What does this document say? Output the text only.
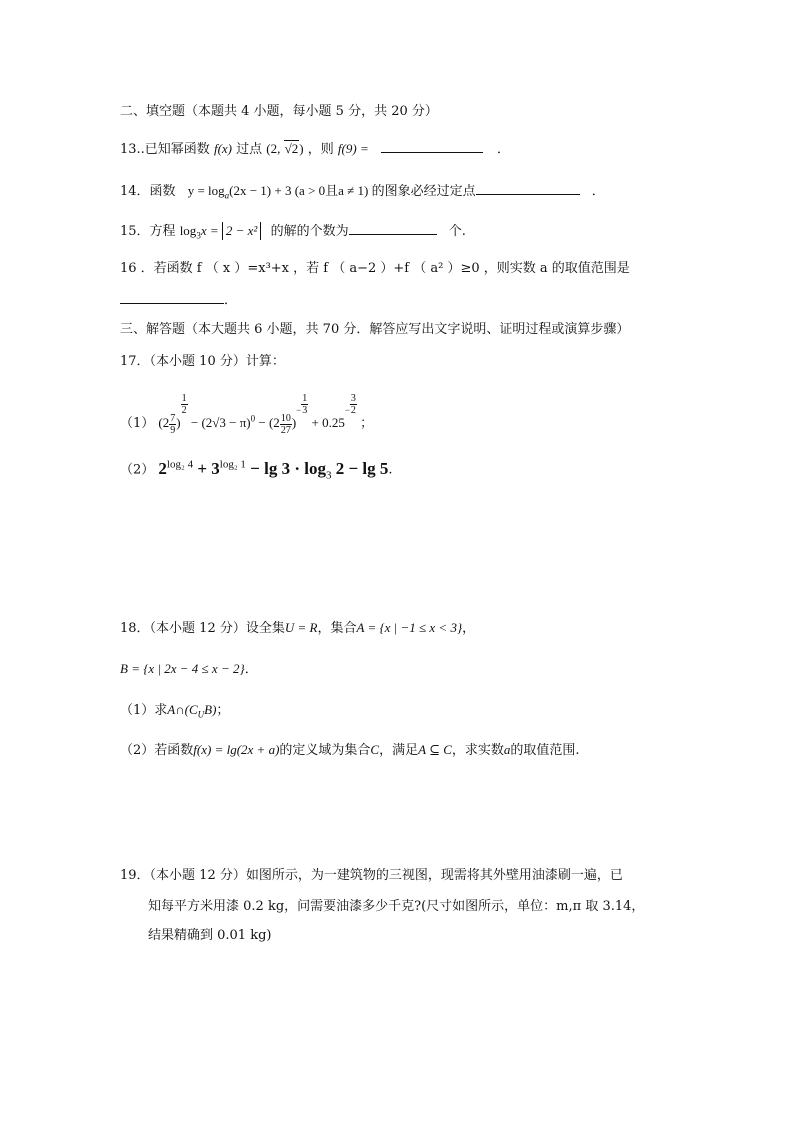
二、填空题（本题共 4 小题，每小题 5 分，共 20 分）
13..已知幂函数 f(x) 过点 (2, √2) ，则 f(9) =	．
14．函数 $y = \log_a(2x - 1) + 3$ (a > 0且a ≠ 1) 的图象必经过定点	．
15．方程 $\log_3x = 2 - x^2$ 的解的个数为	个.
16 ．若函数 f （ x ）=x³+x ，若 f （ a−2 ）+f （ a² ）≥0 ，则实数 a 的取值范围是
．
三、解答题（本大题共 6 小题，共 70 分．解答应写出文字说明、证明过程或演算步骤）
17．（本小题 10 分）计算：
（1） ($2 \frac{7}{9}$ )
$\frac{1}{2}$
− $(2√3 - \pi)^0 - (2 \frac{10}{27} )^- \frac{1}{3}$
+ $0.25^- \frac{3}{2}$
；
（2） $2^{log_2 4} + 3^{log_2 1} - \lg 3 \cdot \log_3 2 - \lg 5$.
18．（本小题 12 分）设全集U = R，集合A = {x | −1 ≤ x < 3}，
B = {x | 2x − 4 ≤ x − 2}．
（1）求$A\cap(C_UB)$；
（2）若函数f(x) = lg(2x + a)的定义域为集合C，满足A ⊆ C，求实数a的取值范围.
19．（本小题 12 分）如图所示，为一建筑物的三视图，现需将其外壁用油漆刷一遍，已
知每平方米用漆 0.2 kg，问需要油漆多少千克?(尺寸如图所示，单位：m,π 取 3.14，
结果精确到 0.01 kg)
